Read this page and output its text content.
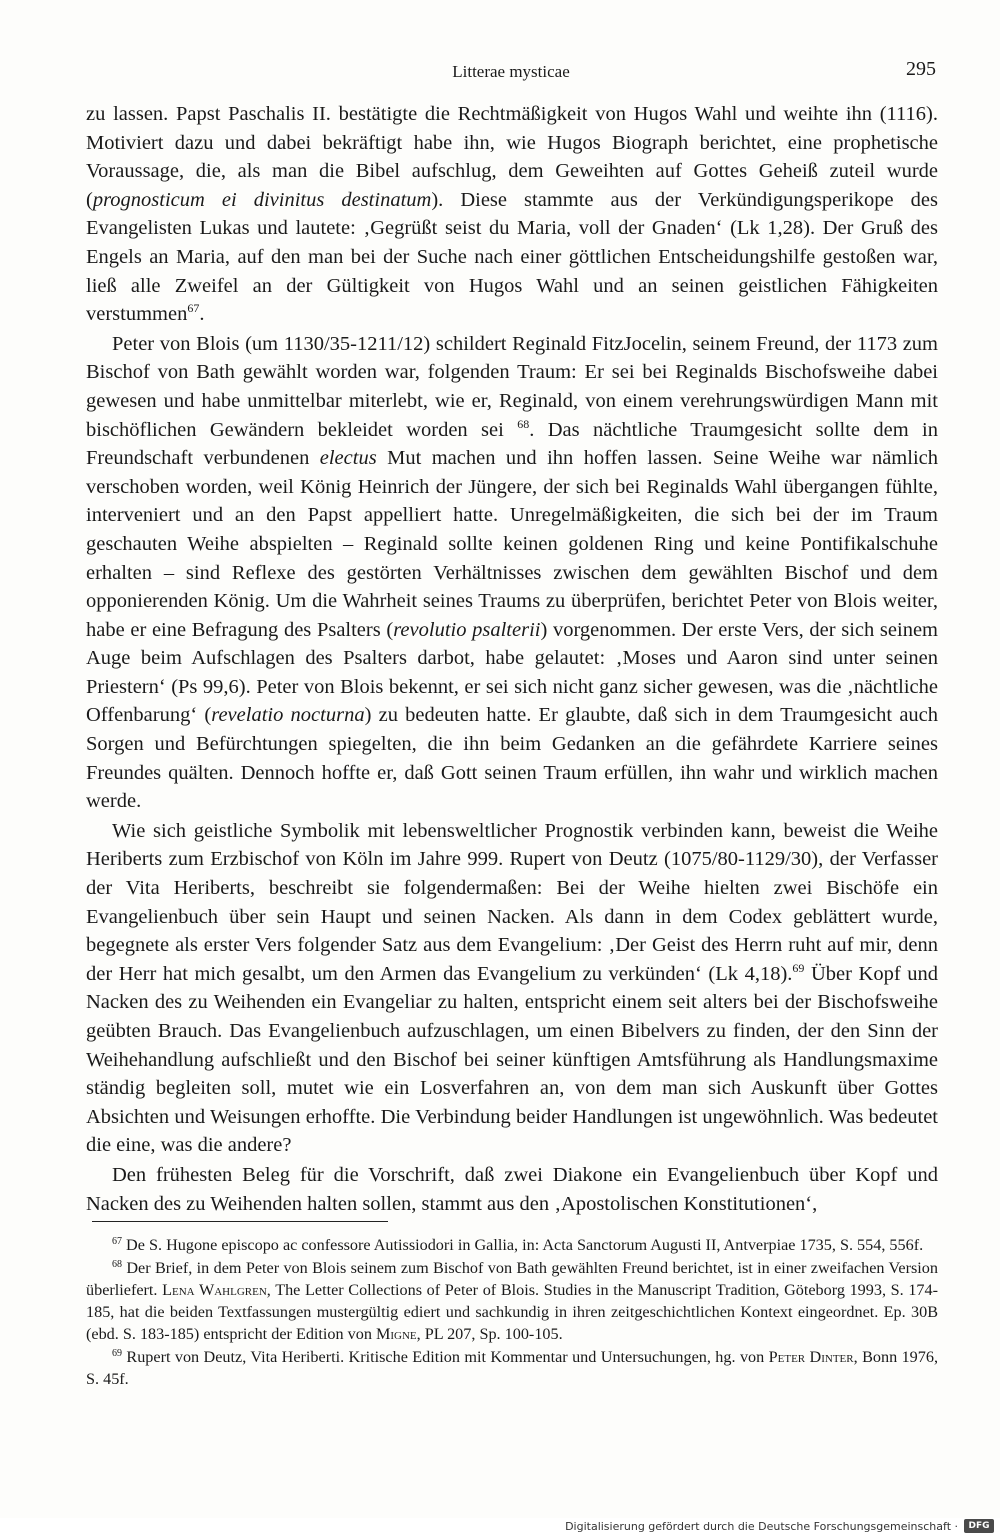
Litterae mysticae	295

zu lassen. Papst Paschalis II. bestätigte die Rechtmäßigkeit von Hugos Wahl und weihte ihn (1116). Motiviert dazu und dabei bekräftigt habe ihn, wie Hugos Biograph berichtet, eine prophetische Voraussage, die, als man die Bibel aufschlug, dem Geweihten auf Gottes Geheiß zuteil wurde (prognosticum ei divinitus destinatum). Diese stammte aus der Verkündigungsperikope des Evangelisten Lukas und lautete: ‚Gegrüßt seist du Maria, voll der Gnaden‘ (Lk 1,28). Der Gruß des Engels an Maria, auf den man bei der Suche nach einer göttlichen Entscheidungshilfe gestoßen war, ließ alle Zweifel an der Gültigkeit von Hugos Wahl und an seinen geistlichen Fähigkeiten verstummen$^{67}$.

Peter von Blois (um 1130/35-1211/12) schildert Reginald FitzJocelin, seinem Freund, der 1173 zum Bischof von Bath gewählt worden war, folgenden Traum: Er sei bei Reginalds Bischofsweihe dabei gewesen und habe unmittelbar miterlebt, wie er, Reginald, von einem verehrungswürdigen Mann mit bischöflichen Gewändern bekleidet worden sei $^{68}$. Das nächtliche Traumgesicht sollte dem in Freundschaft verbundenen electus Mut machen und ihn hoffen lassen. Seine Weihe war nämlich verschoben worden, weil König Heinrich der Jüngere, der sich bei Reginalds Wahl übergangen fühlte, interveniert und an den Papst appelliert hatte. Unregelmäßigkeiten, die sich bei der im Traum geschauten Weihe abspielten – Reginald sollte keinen goldenen Ring und keine Pontifikalschuhe erhalten – sind Reflexe des gestörten Verhältnisses zwischen dem gewählten Bischof und dem opponierenden König. Um die Wahrheit seines Traums zu überprüfen, berichtet Peter von Blois weiter, habe er eine Befragung des Psalters (revolutio psalterii) vorgenommen. Der erste Vers, der sich seinem Auge beim Aufschlagen des Psalters darbot, habe gelautet: ‚Moses und Aaron sind unter seinen Priestern‘ (Ps 99,6). Peter von Blois bekennt, er sei sich nicht ganz sicher gewesen, was die ‚nächtliche Offenbarung‘ (revelatio nocturna) zu bedeuten hatte. Er glaubte, daß sich in dem Traumgesicht auch Sorgen und Befürchtungen spiegelten, die ihn beim Gedanken an die gefährdete Karriere seines Freundes quälten. Dennoch hoffte er, daß Gott seinen Traum erfüllen, ihn wahr und wirklich machen werde.

Wie sich geistliche Symbolik mit lebensweltlicher Prognostik verbinden kann, beweist die Weihe Heriberts zum Erzbischof von Köln im Jahre 999. Rupert von Deutz (1075/80-1129/30), der Verfasser der Vita Heriberts, beschreibt sie folgendermaßen: Bei der Weihe hielten zwei Bischöfe ein Evangelienbuch über sein Haupt und seinen Nacken. Als dann in dem Codex geblättert wurde, begegnete als erster Vers folgender Satz aus dem Evangelium: ‚Der Geist des Herrn ruht auf mir, denn der Herr hat mich gesalbt, um den Armen das Evangelium zu verkünden‘ (Lk 4,18).$^{69}$ Über Kopf und Nacken des zu Weihenden ein Evangeliar zu halten, entspricht einem seit alters bei der Bischofsweihe geübten Brauch. Das Evangelienbuch aufzuschlagen, um einen Bibelvers zu finden, der den Sinn der Weihehandlung aufschließt und den Bischof bei seiner künftigen Amtsführung als Handlungsmaxime ständig begleiten soll, mutet wie ein Losverfahren an, von dem man sich Auskunft über Gottes Absichten und Weisungen erhoffte. Die Verbindung beider Handlungen ist ungewöhnlich. Was bedeutet die eine, was die andere?

Den frühesten Beleg für die Vorschrift, daß zwei Diakone ein Evangelienbuch über Kopf und Nacken des zu Weihenden halten sollen, stammt aus den ‚Apostolischen Konstitutionen‘,

$^{67}$ De S. Hugone episcopo ac confessore Autissiodori in Gallia, in: Acta Sanctorum Augusti II, Antverpiae 1735, S. 554, 556f.

$^{68}$ Der Brief, in dem Peter von Blois seinem zum Bischof von Bath gewählten Freund berichtet, ist in einer zweifachen Version überliefert. Lena Wahlgren, The Letter Collections of Peter of Blois. Studies in the Manuscript Tradition, Göteborg 1993, S. 174-185, hat die beiden Textfassungen mustergültig ediert und sachkundig in ihren zeitgeschichtlichen Kontext eingeordnet. Ep. 30B (ebd. S. 183-185) entspricht der Edition von Migne, PL 207, Sp. 100-105.

$^{69}$ Rupert von Deutz, Vita Heriberti. Kritische Edition mit Kommentar und Untersuchungen, hg. von Peter Dinter, Bonn 1976, S. 45f.

Digitalisierung gefördert durch die Deutsche Forschungsgemeinschaft ·	DFG
